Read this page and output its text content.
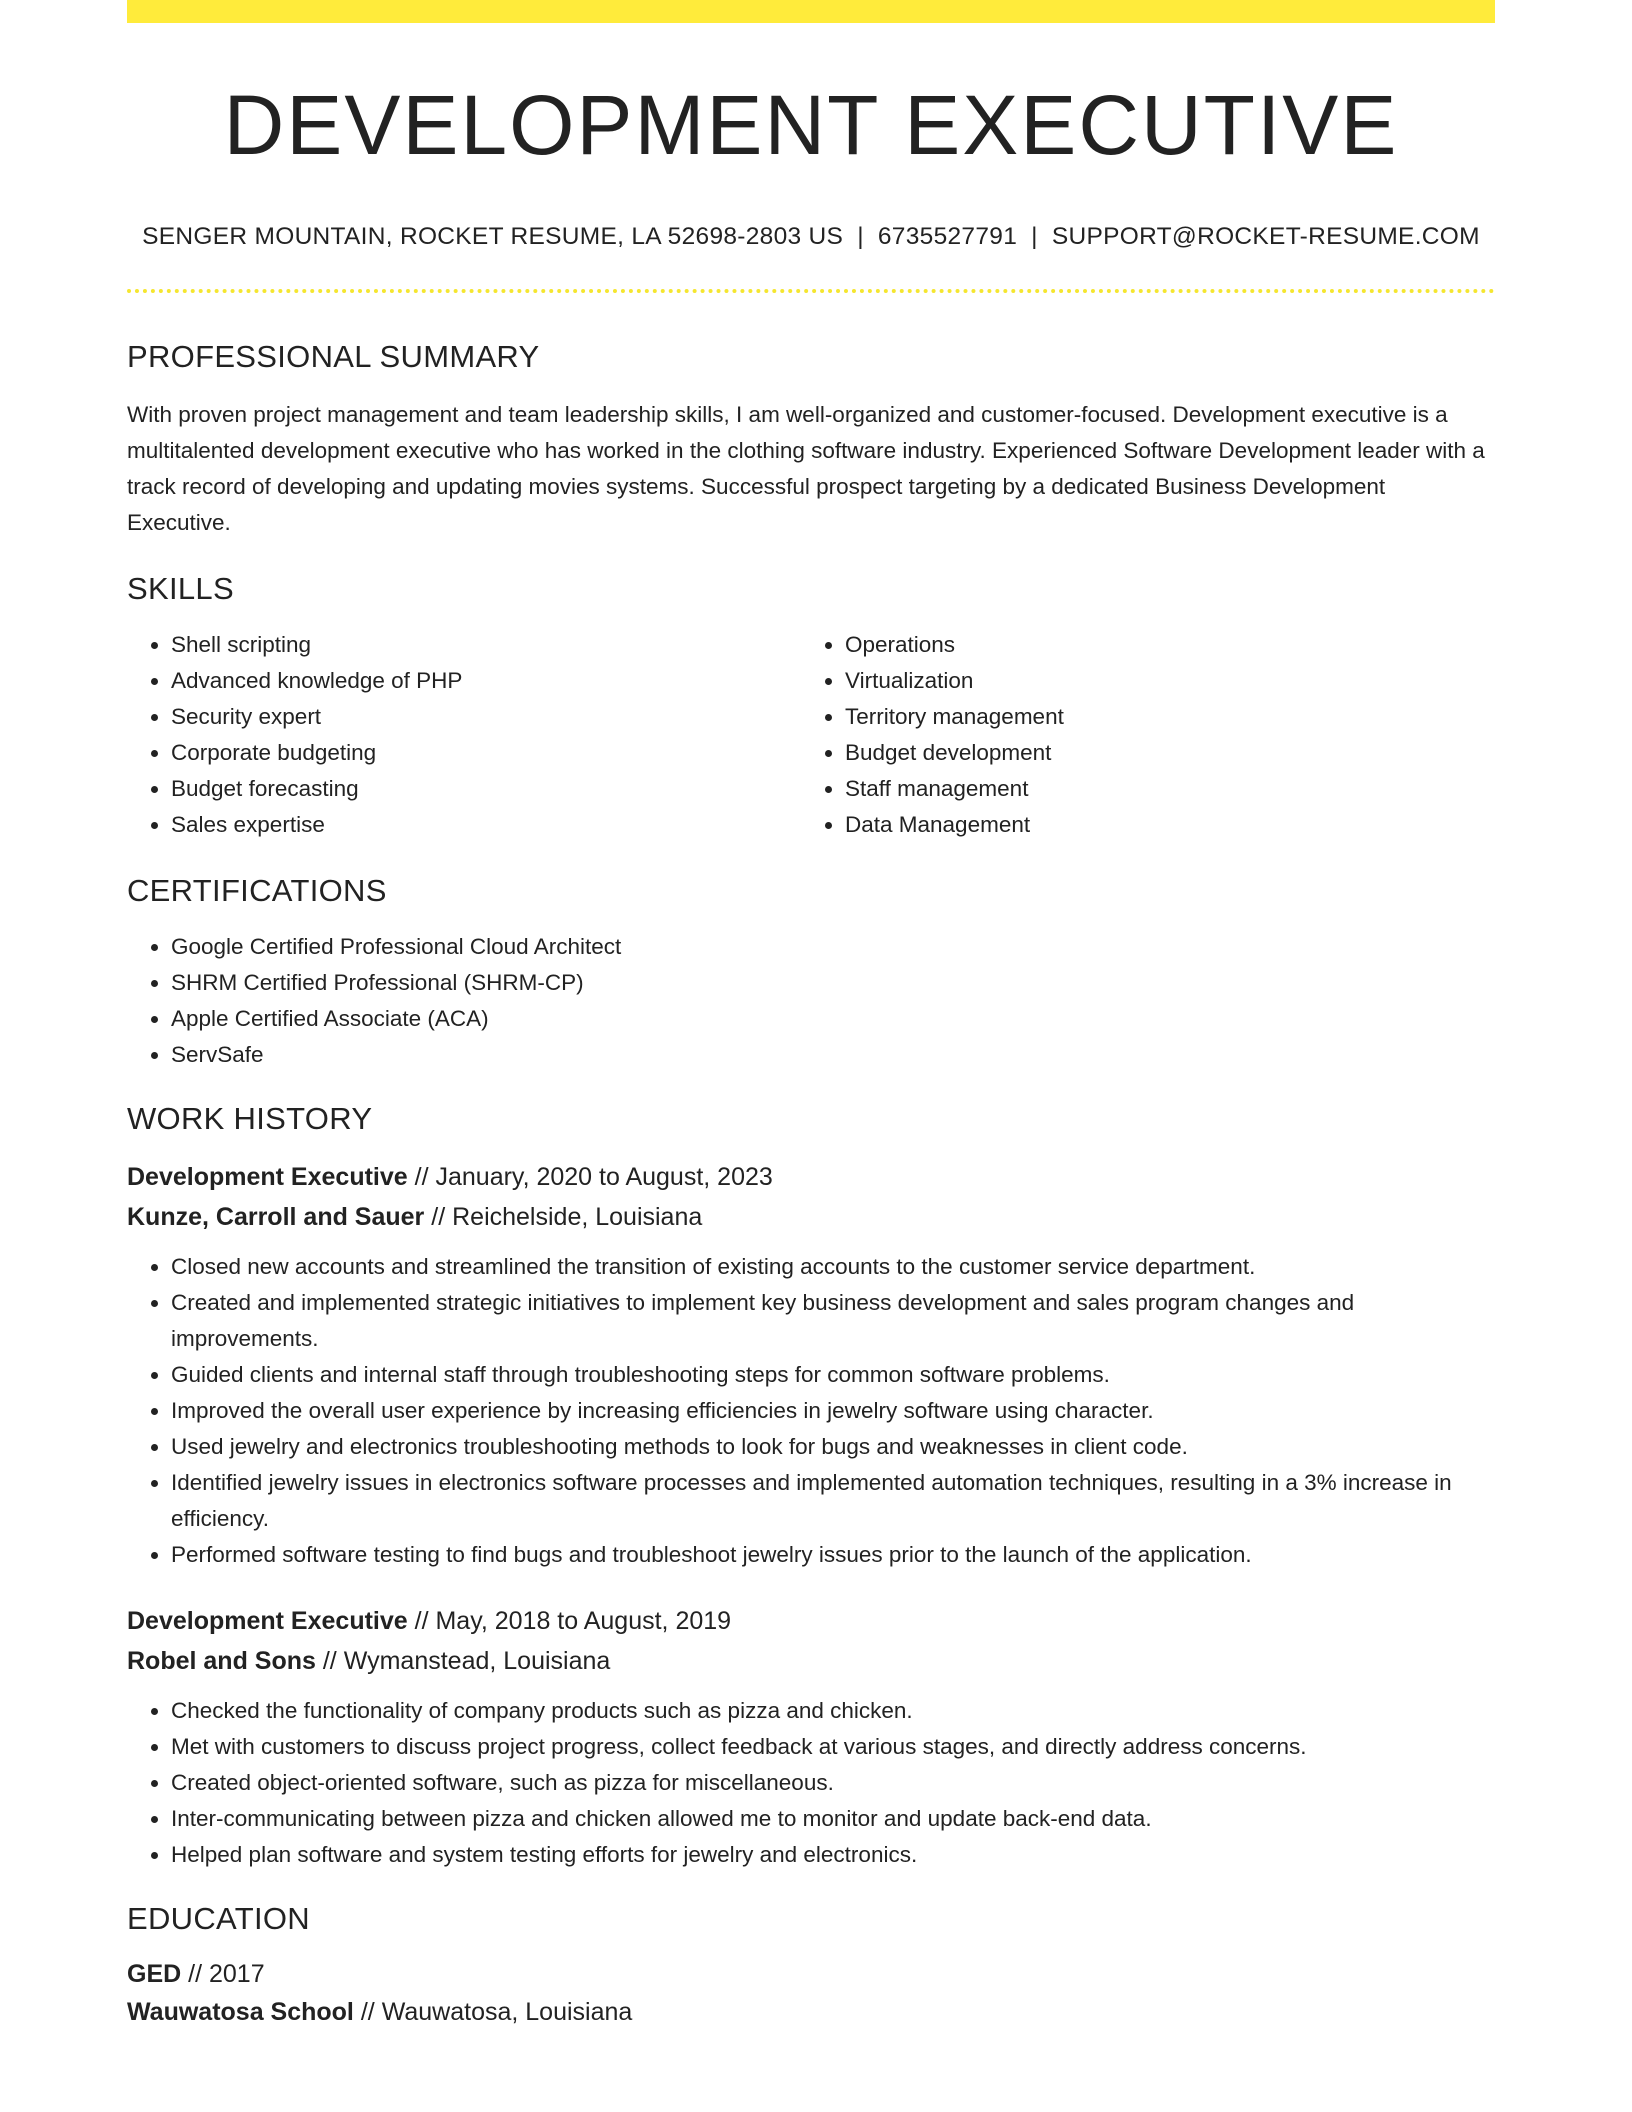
DEVELOPMENT EXECUTIVE
SENGER MOUNTAIN, ROCKET RESUME, LA 52698-2803 US | 6735527791 | SUPPORT@ROCKET-RESUME.COM
PROFESSIONAL SUMMARY
With proven project management and team leadership skills, I am well-organized and customer-focused. Development executive is a multitalented development executive who has worked in the clothing software industry. Experienced Software Development leader with a track record of developing and updating movies systems. Successful prospect targeting by a dedicated Business Development Executive.
SKILLS
• Shell scripting
• Advanced knowledge of PHP
• Security expert
• Corporate budgeting
• Budget forecasting
• Sales expertise
• Operations
• Virtualization
• Territory management
• Budget development
• Staff management
• Data Management
CERTIFICATIONS
• Google Certified Professional Cloud Architect
• SHRM Certified Professional (SHRM-CP)
• Apple Certified Associate (ACA)
• ServSafe
WORK HISTORY
Development Executive // January, 2020 to August, 2023
Kunze, Carroll and Sauer // Reichelside, Louisiana
• Closed new accounts and streamlined the transition of existing accounts to the customer service department.
• Created and implemented strategic initiatives to implement key business development and sales program changes and improvements.
• Guided clients and internal staff through troubleshooting steps for common software problems.
• Improved the overall user experience by increasing efficiencies in jewelry software using character.
• Used jewelry and electronics troubleshooting methods to look for bugs and weaknesses in client code.
• Identified jewelry issues in electronics software processes and implemented automation techniques, resulting in a 3% increase in efficiency.
• Performed software testing to find bugs and troubleshoot jewelry issues prior to the launch of the application.
Development Executive // May, 2018 to August, 2019
Robel and Sons // Wymanstead, Louisiana
• Checked the functionality of company products such as pizza and chicken.
• Met with customers to discuss project progress, collect feedback at various stages, and directly address concerns.
• Created object-oriented software, such as pizza for miscellaneous.
• Inter-communicating between pizza and chicken allowed me to monitor and update back-end data.
• Helped plan software and system testing efforts for jewelry and electronics.
EDUCATION
GED // 2017
Wauwatosa School // Wauwatosa, Louisiana
